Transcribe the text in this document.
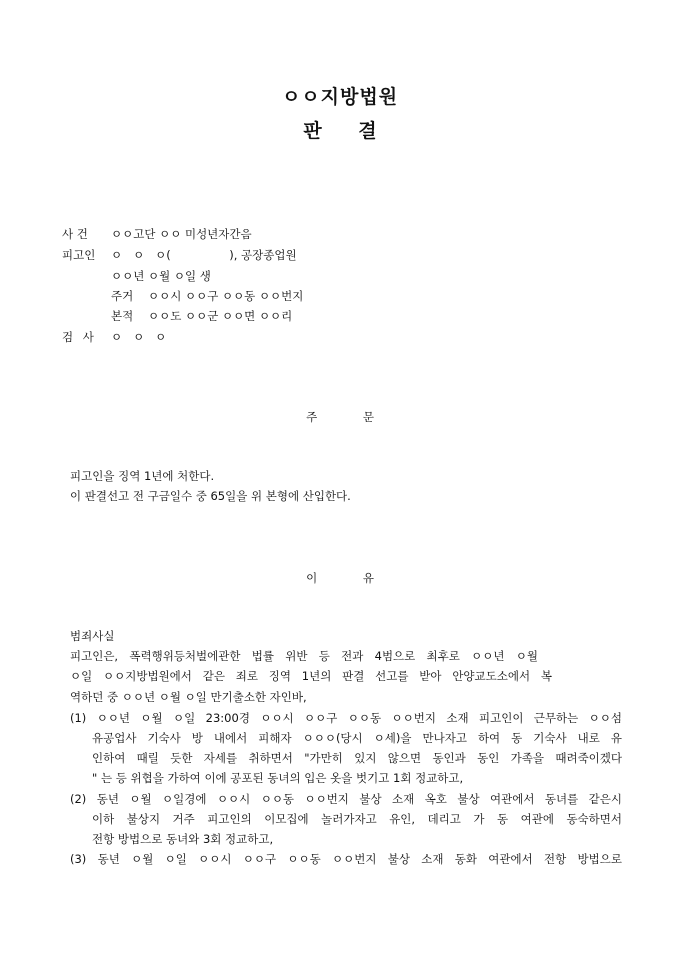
ㅇㅇ지방법원
판 결
사 건	ㅇㅇ고단 ㅇㅇ 미성년자간음
피고인	ㅇ   ㅇ   ㅇ(                ), 공장종업원
ㅇㅇ년 ㅇ월 ㅇ일 생
주거 ㅇㅇ시 ㅇㅇ구 ㅇㅇ동 ㅇㅇ번지
본적 ㅇㅇ도 ㅇㅇ군 ㅇㅇ면 ㅇㅇ리
검 사 ㅇ   ㅇ   ㅇ
주 문
피고인을 징역 1년에 처한다.
이 판결선고 전 구금일수 중 65일을 위 본형에 산입한다.
이 유
범죄사실
피고인은, 폭력행위등처벌에관한 법률 위반 등 전과 4범으로 최후로 ㅇㅇ년 ㅇ월
ㅇ일 ㅇㅇ지방법원에서 같은 죄로 징역 1년의 판결 선고를 받아 안양교도소에서 복
역하던 중 ㅇㅇ년 ㅇ월 ㅇ일 만기출소한 자인바,
(1) ㅇㅇ년 ㅇ월 ㅇ일 23:00경 ㅇㅇ시 ㅇㅇ구 ㅇㅇ동 ㅇㅇ번지 소재 피고인이 근무하는 ㅇㅇ섬
유공업사 기숙사 방 내에서 피해자 ㅇㅇㅇ(당시 ㅇ세)을 만나자고 하여 동 기숙사 내로 유
인하여 때릴 듯한 자세를 취하면서 "가만히 있지 않으면 동인과 동인 가족을 때려죽이겠다
" 는 등 위협을 가하여 이에 공포된 동녀의 입은 옷을 벗기고 1회 정교하고,
(2) 동년 ㅇ월 ㅇ일경에 ㅇㅇ시 ㅇㅇ동 ㅇㅇ번지 불상 소재 옥호 불상 여관에서 동녀를 같은시
이하 불상지 거주 피고인의 이모집에 놀러가자고 유인, 데리고 가 동 여관에 동숙하면서
전항 방법으로 동녀와 3회 정교하고,
(3) 동년 ㅇ월 ㅇ일 ㅇㅇ시 ㅇㅇ구 ㅇㅇ동 ㅇㅇ번지 불상 소재 동화 여관에서 전항 방법으로
